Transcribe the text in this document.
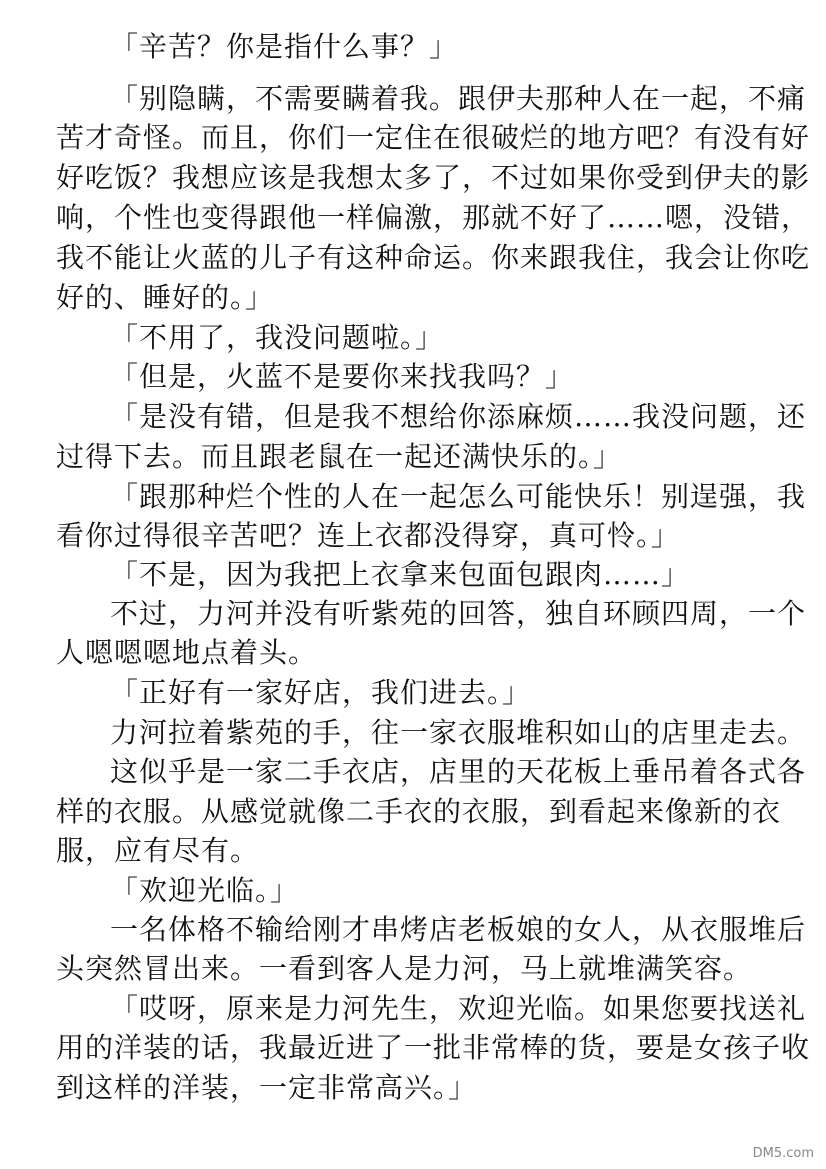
「辛苦？你是指什么事？」
「别隐瞒，不需要瞒着我。跟伊夫那种人在一起，不痛
苦才奇怪。而且，你们一定住在很破烂的地方吧？有没有好
好吃饭？我想应该是我想太多了，不过如果你受到伊夫的影
响，个性也变得跟他一样偏激，那就不好了……嗯，没错，
我不能让火蓝的儿子有这种命运。你来跟我住，我会让你吃
好的、睡好的。」
「不用了，我没问题啦。」
「但是，火蓝不是要你来找我吗？」
「是没有错，但是我不想给你添麻烦……我没问题，还
过得下去。而且跟老鼠在一起还满快乐的。」
「跟那种烂个性的人在一起怎么可能快乐！别逞强，我
看你过得很辛苦吧？连上衣都没得穿，真可怜。」
「不是，因为我把上衣拿来包面包跟肉……」
不过，力河并没有听紫苑的回答，独自环顾四周，一个
人嗯嗯嗯地点着头。
「正好有一家好店，我们进去。」
力河拉着紫苑的手，往一家衣服堆积如山的店里走去。
这似乎是一家二手衣店，店里的天花板上垂吊着各式各
样的衣服。从感觉就像二手衣的衣服，到看起来像新的衣
服，应有尽有。
「欢迎光临。」
一名体格不输给刚才串烤店老板娘的女人，从衣服堆后
头突然冒出来。一看到客人是力河，马上就堆满笑容。
「哎呀，原来是力河先生，欢迎光临。如果您要找送礼
用的洋装的话，我最近进了一批非常棒的货，要是女孩子收
到这样的洋装，一定非常高兴。」
DM5.com
